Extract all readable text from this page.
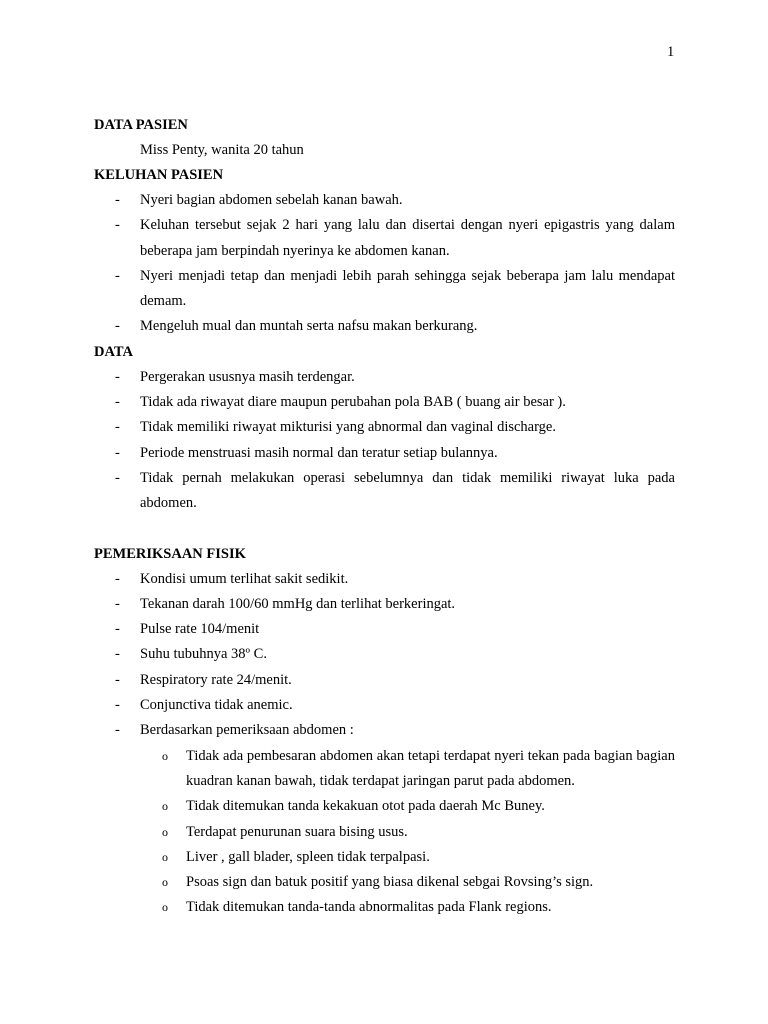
1
DATA PASIEN
Miss Penty, wanita 20 tahun
KELUHAN PASIEN
- Nyeri bagian abdomen sebelah kanan bawah.
- Keluhan tersebut sejak 2 hari yang lalu dan disertai dengan nyeri epigastris yang dalam beberapa jam berpindah nyerinya ke abdomen kanan.
- Nyeri menjadi tetap dan menjadi lebih parah sehingga sejak beberapa jam lalu mendapat demam.
- Mengeluh mual dan muntah serta nafsu makan berkurang.
DATA
- Pergerakan ususnya masih terdengar.
- Tidak ada riwayat diare maupun perubahan pola BAB ( buang air besar ).
- Tidak memiliki riwayat mikturisi yang abnormal dan vaginal discharge.
- Periode menstruasi masih normal dan teratur setiap bulannya.
- Tidak pernah melakukan operasi sebelumnya dan tidak memiliki riwayat luka pada abdomen.
PEMERIKSAAN FISIK
- Kondisi umum terlihat sakit sedikit.
- Tekanan darah 100/60 mmHg dan terlihat berkeringat.
- Pulse rate 104/menit
- Suhu tubuhnya 38º C.
- Respiratory rate 24/menit.
- Conjunctiva tidak anemic.
- Berdasarkan pemeriksaan abdomen :
o Tidak ada pembesaran abdomen akan tetapi terdapat nyeri tekan pada bagian bagian kuadran kanan bawah, tidak terdapat jaringan parut pada abdomen.
o Tidak ditemukan tanda kekakuan otot pada daerah Mc Buney.
o Terdapat penurunan suara bising usus.
o Liver , gall blader, spleen tidak terpalpasi.
o Psoas sign dan batuk positif yang biasa dikenal sebgai Rovsing’s sign.
o Tidak ditemukan tanda-tanda abnormalitas pada Flank regions.
